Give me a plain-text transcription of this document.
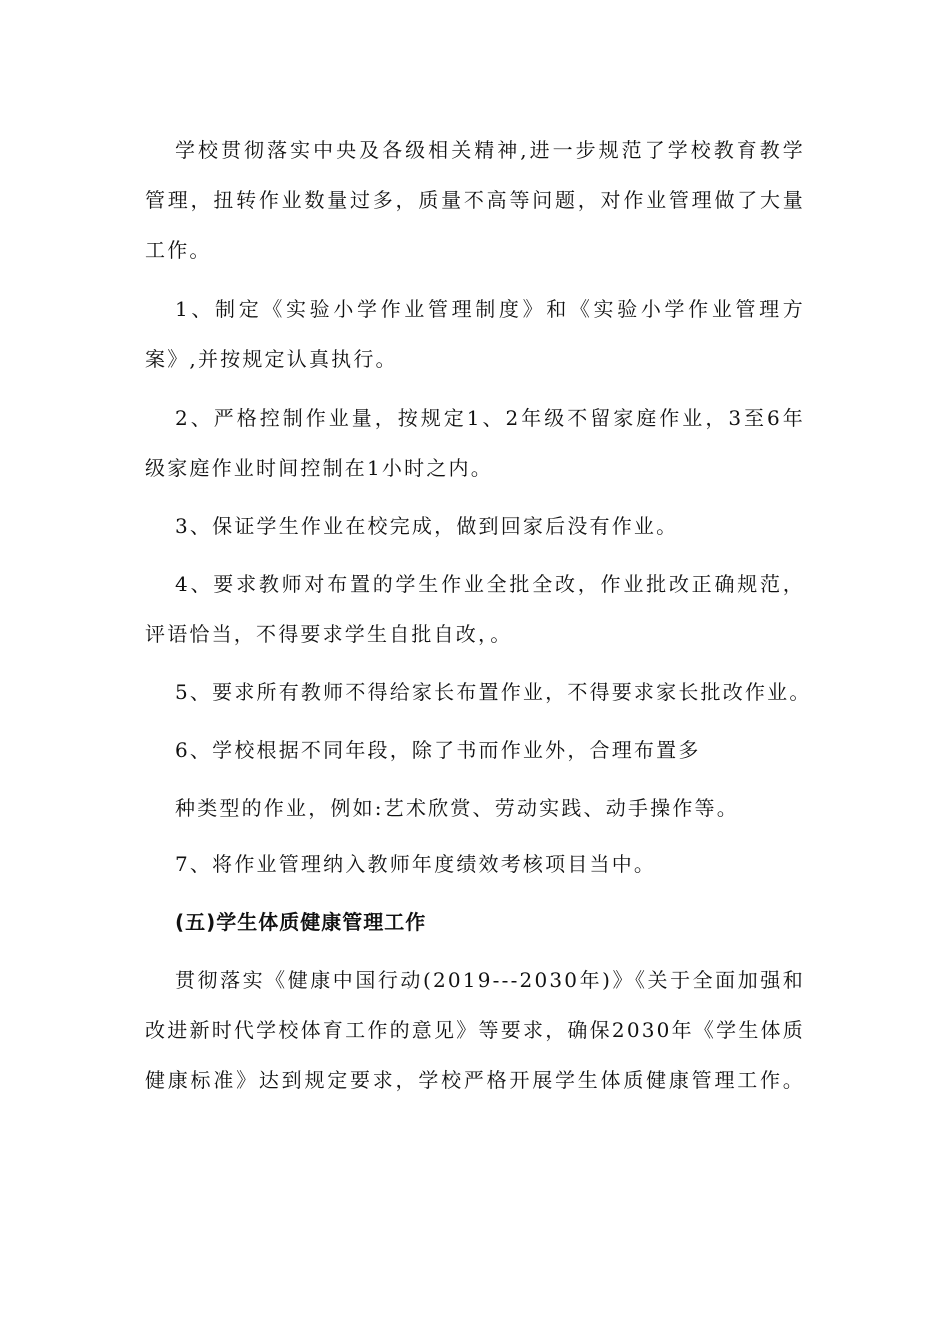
学校贯彻落实中央及各级相关精神,进一步规范了学校教育教学
管理，扭转作业数量过多，质量不高等问题，对作业管理做了大量
工作。
1、制定《实验小学作业管理制度》和《实验小学作业管理方
案》,并按规定认真执行。
2、严格控制作业量，按规定1、2年级不留家庭作业，3至6年
级家庭作业时间控制在1小时之内。
3、保证学生作业在校完成，做到回家后没有作业。
4、要求教师对布置的学生作业全批全改，作业批改正确规范，
评语恰当，不得要求学生自批自改，。
5、要求所有教师不得给家长布置作业，不得要求家长批改作业。
6、学校根据不同年段，除了书而作业外，合理布置多
种类型的作业，例如:艺术欣赏、劳动实践、动手操作等。
7、将作业管理纳入教师年度绩效考核项目当中。
(五)学生体质健康管理工作
贯彻落实《健康中国行动(2019---2030年)》《关于全面加强和
改进新时代学校体育工作的意见》等要求，确保2030年《学生体质
健康标准》达到规定要求，学校严格开展学生体质健康管理工作。
